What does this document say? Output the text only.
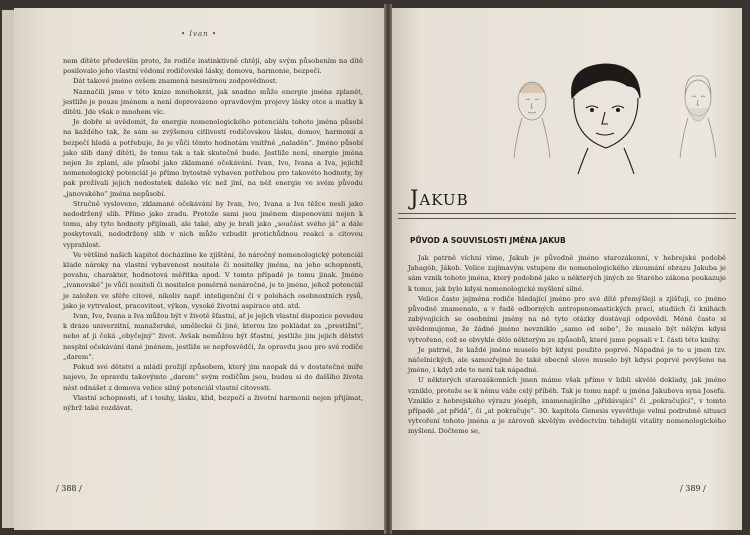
• Ivan •

nem dítěte především proto, že rodiče instinktivně chtějí, aby svým působením na dítě posilovalo jeho vlastní vědomí rodičovské lásky, domova, harmonie, bezpečí.

Dát takové jméno ovšem znamená nesmírnou zodpovědnost.

Naznačili jsme v této knize mnohokrát, jak snadno může energie jména zplanět, jestliže je pouze jménem a není doprovázeno opravdovým projevy lásky otce a matky k dítěti. Jde však o mnohem víc.

Je dobře si uvědomit, že energie nomenologického potenciálu tohoto jména působí na každého tak, že sám se zvýšenou citlivostí rodičovskou lásku, domov, harmonii a bezpečí hledá a potřebuje, že je vůči těmto hodnotám vnitřně „naladěn“. Jméno působí jako slib daný dítěti, že tomu tak a tak skutečně bude. Jestliže není, energie jména nejen že zplaní, ale působí jako zklamané očekávání. Ivan, Ivo, Ivana a Iva, jejichž nomenologický potenciál je přímo bytostně vybaven potřebou pro takovéto hodnoty, by pak prožívali jejich nedostatek daleko víc než jiní, na něž energie ve svém původu „janovského“ jména nepůsobí.

Stručně vysloveno, zklamané očekávání by Ivan, Ivo, Ivana a Iva těžce nesli jako nedodržený slib. Přímo jako zradu. Protože sami jsou jménem disponováni nejen k tomu, aby tyto hodnoty přijímali, ale také, aby je brali jako „součást svého já“ a dále poskytovali, nedodržený slib v nich může vzbudit protichůdnou reakci a citovou vyprahlost.

Ve většině našich kapitol docházíme ke zjištění, že náročný nomenologický potenciál klade nároky na vlastní vybavenost nositele či nositelky jména, na jeho schopnosti, povahu, charakter, hodnotová měřítka apod. V tomto případě je tomu jinak. Jméno „ivanovské“ je vůči nositeli či nositelce poměrně nenáročné, je to jméno, jehož potenciál je založen ve sféře citové, nikoliv např. inteligenční či v polohách osobnostních rysů, jako je vytrvalost, pracovitost, výkon, vysoké životní aspirace atd. atd.

Ivan, Ivo, Ivana a Iva můžou být v životě šťastní, ať je jejich vlastní dispozice povedou k dráze univerzitní, manažerské, umělecké či jiné, kterou lze pokládat za „prestižní“, nebo ať ji čeká „obyčejný“ život. Avšak nemůžou být šťastní, jestliže jim jejich dětství nesplní očekávání dané jménem, jestliže se nepřesvědčí, že opravdu jsou pro své rodiče „darem“.

Pokud své dětství a mládí prožijí způsobem, který jim naopak dá v dostatečné míře najevo, že opravdu takovýmto „darem“ svým rodičům jsou, budou si do dalšího života nést odnášet z domova velice silný potenciál vlastní citovosti.

Vlastní schopnosti, ať i touhy, lásku, klid, bezpečí a životní harmonii nejen přijímat, nýbrž také rozdávat.

/ 388 /
Jakub
PŮVOD A SOUVISLOSTI JMÉNA JAKUB

Jak patrně víchni víme, Jakub je původně jméno starozákonní, v hebrejské podobě Jahagób, Jákob. Velice zajímavým vstupem do nomenologického zkoumání obrazu Jakuba je sám vznik tohoto jména, který podobně jako u některých jiných ze Starého zákona poukazuje k tomu, jak bylo kdysi nomenologické myšlení silné.

Velice často jejména rodiče hledající jméno pro své dítě přemýšlejí a zjišťují, co jméno původně znamenalo, a v řadě odborných antroponomastických prací, studiích či knihách zabývajících se osobními jmény na ně tyto otázky dostávají odpovědi. Méně často si uvědomujeme, že žádné jméno nevzniklo „samo od sebe“, že muselo být někým kdysi vytvořeno, což se obvykle dělo některým ze způsobů, které jsme popsali v I. části této knihy.

Je patrné, že každé jméno muselo být kdysi použito poprvé. Nápadné je to u jmen tzv. náčelnických, ale samozřejmě že také obecně slovo muselo být kdysi poprvé povýšeno na jméno, i když zde to není tak nápadné.

U některých starozákonních jmen máme však přímo v bibli skvělé doklady, jak jméno vzniklo, protože se k němu váže celý příběh. Tak je tomu např. u jména Jakubova syna Josefa. Vzniklo z hebrejského výrazu jóséph, znamenajícího „přidávající“ či „pokračující“, v tomto případě „at přidá“, či „at pokračuje“. 30. kapitola Genesis vysvětluje velmi podrobně situaci vytvoření tohoto jména a je zároveň skvělým svědectvím tehdejší vitality nomenologického myšlení. Dočteme se,

/ 389 /
